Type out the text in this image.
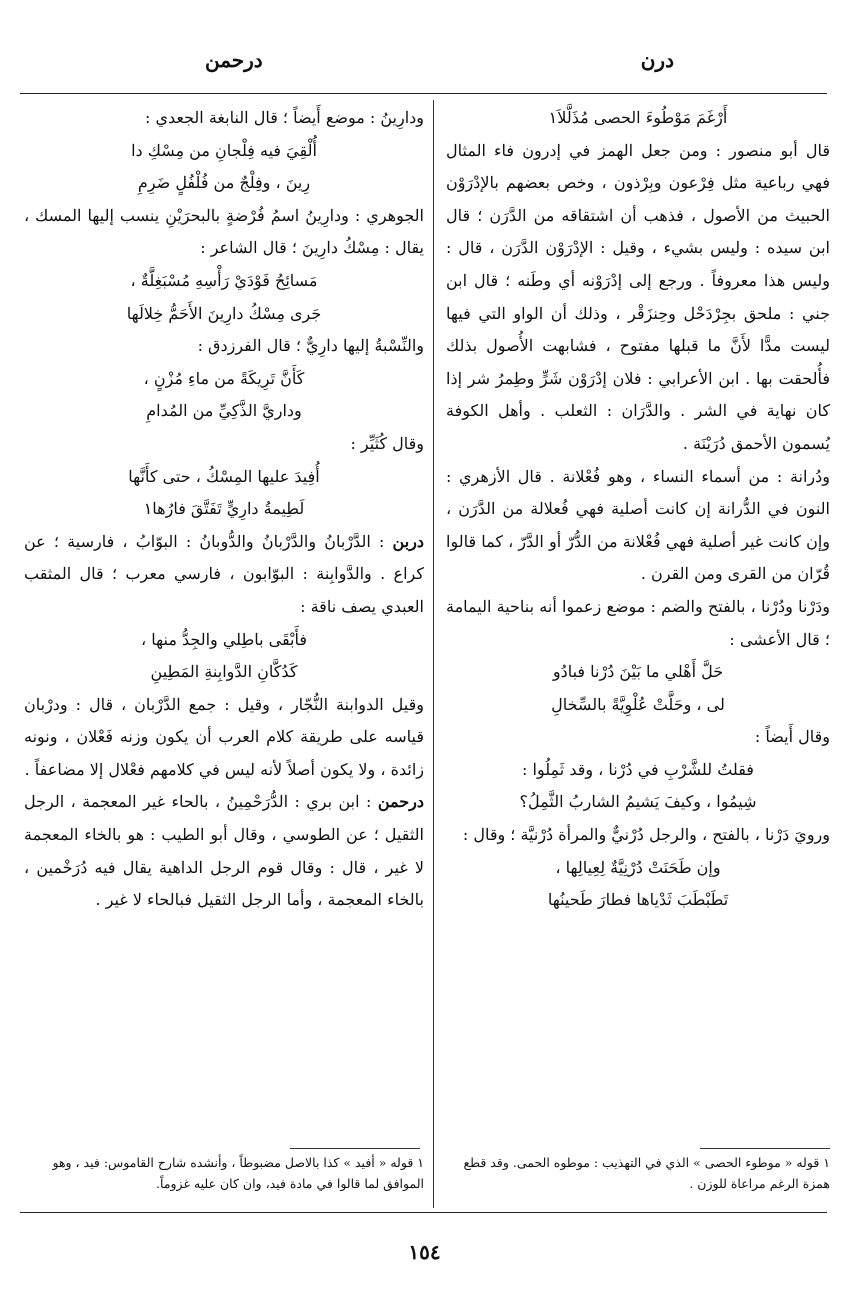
درن
درحمن

أَرْغَمَ مَوْطُوءَ الحصى مُذَلَّلاَ١

قال أبو منصور : ومن جعل الهمز في إدرون فاء المثال فهي رباعية مثل فِرْعون وبِرْذون ، وخص بعضهم بالإدْرَوْن الحبيث من الأصول ، فذهب أن اشتقاقه من الدَّرَن ؛ قال ابن سيده : وليس بشيء ، وقيل : الإدْرَوْن الدَّرَن ، قال : وليس هذا معروفاً . ورجع إلى إدْرَوْنه أي وطَنه ؛ قال ابن جني : ملحق بجِرْدَحْل وحِنزَقْر ، وذلك أن الواو التي فيها ليست مدًّا لأَنَّ ما قبلها مفتوح ، فشابهت الأُصول بذلك فأُلحقت بها . ابن الأعرابي : فلان إدْرَوْن شَرٍّ وطِمرُ شر إذا كان نهاية في الشر . والدَّرَان : الثعلب . وأهل الكوفة يُسمون الأحمق دُرَيْنَة .

ودُرانة : من أسماء النساء ، وهو فُعْلانة . قال الأزهري : النون في الدُّرانة إن كانت أصلية فهي فُعلالة من الدَّرَن ، وإن كانت غير أصلية فهي فُعْلانة من الدُّرّ أو الدَّرّ ، كما قالوا قُرّان من القرى ومن القرن .

ودَرْنا ودُرْنا ، بالفتح والضم : موضع زعموا أنه بناحية اليمامة ؛ قال الأعشى :

حَلَّ أَهْلي ما بَيْنَ دُرْنا فبادُو

لى ، وحَلَّتْ عُلْوِيَّةً بالسِّخالِ

وقال أَيضاً :

فقلتُ للشَّرْبِ في دُرْنا ، وقد ثَمِلُوا :

شِيمُوا ، وكيفَ يَشيمُ الشاربُ الثَّمِلُ؟

ورويَ دَرْنا ، بالفتح ، والرجل دُرْنيٌّ والمرأة دُرْنيَّة ؛ وقال :

وإن طَحَنَتْ دُرْنِيَّةٌ لِعِيالِها ،

تَطَبْطَبَ ثَدْياها فطارَ طَحينُها

ودارِينُ : موضع أَيضاً ؛ قال النابغة الجعدي :

أُلْقِيَ فيه فِلْجانِ من مِسْكِ دا

رِينَ ، وفِلْجٌ من فُلْفُلٍ ضَرِمِ

الجوهري : ودارِينُ اسمُ فُرْضةٍ بالبحرَيْنِ ينسب إليها المسك ، يقال : مِسْكُ دارِينَ ؛ قال الشاعر :

مَسائِحُ فَوْدَيْ رَأْسِهِ مُسْبَغِلَّةٌ ،

جَرى مِسْكُ دارِينَ الأَحَمُّ خِلالَها

والنِّسْبةُ إليها دارِيٌّ ؛ قال الفرزدق :

كَأَنَّ تَرِيكَةً من ماءِ مُزْنٍ ،

وداريَّ الذَّكِيِّ من المُدامِ

وقال كُثَيِّر :

أُفِيدَ عليها المِسْكُ ، حتى كأَنَّها

لَطِيمةُ دارِيٍّ تَفَتَّقَ فارُها١

دربن : الدَّرْبانُ والدَّرْبانُ والدُّوبانُ : البوّابُ ، فارسية ؛ عن كراع . والدَّوابِنة : البوّابون ، فارسي معرب ؛ قال المثقب العبدي يصف ناقة :

فأَبْقَى باطِلي والجِدُّ منها ،

كَدُكَّانِ الدَّوابِنةِ المَطِينِ

وقيل الدوابنة النُّجّار ، وقيل : جمع الدَّرْبان ، قال : ودرْبان قياسه على طريقة كلام العرب أن يكون وزنه فَعْلان ، ونونه زائدة ، ولا يكون أصلاً لأنه ليس في كلامهم فعْلال إلا مضاعفاً .

درحمن : ابن بري : الدُّرَحْمِينُ ، بالحاء غير المعجمة ، الرجل الثقيل ؛ عن الطوسي ، وقال أبو الطيب : هو بالخاء المعجمة لا غير ، قال : وقال قوم الرجل الداهية يقال فيه دُرَخْمين ، بالخاء المعجمة ، وأما الرجل الثقيل فبالحاء لا غير .

١ قوله « موطوء الحصى » الذي في التهذيب : موطوه الحمى. وقد قطع همزة الرغم مراعاة للوزن .
١ قوله « أفيد » كذا بالاصل مضبوطاً ، وأنشده شارح القاموس: فيد ، وهو الموافق لما قالوا في مادة فيد، وان كان عليه غزوماً.
١٥٤
